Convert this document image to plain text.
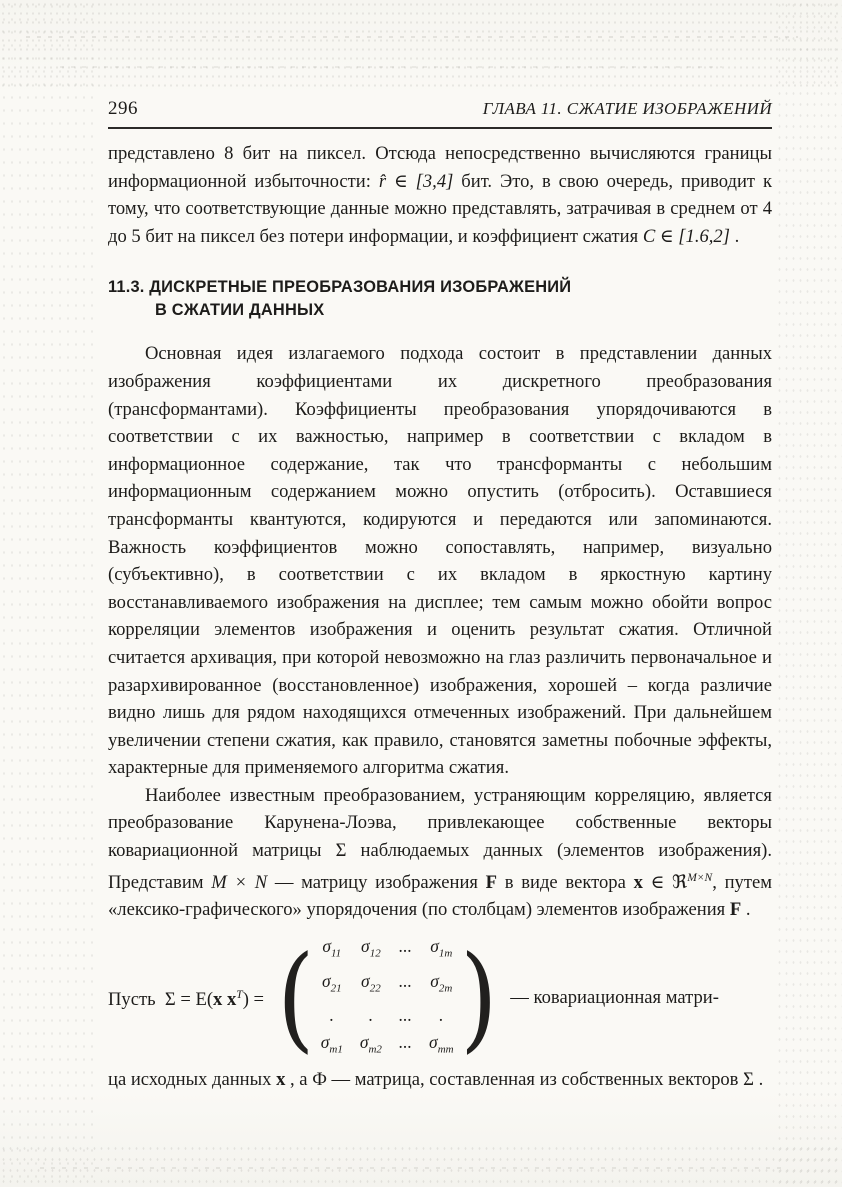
296	ГЛАВА 11. СЖАТИЕ ИЗОБРАЖЕНИЙ

представлено 8 бит на пиксел. Отсюда непосредственно вычисляются границы информационной избыточности: r̂ ∈ [3,4] бит. Это, в свою очередь, приводит к тому, что соответствующие данные можно представлять, затрачивая в среднем от 4 до 5 бит на пиксел без потери информации, и коэффициент сжатия C ∈ [1.6,2] .

11.3. ДИСКРЕТНЫЕ ПРЕОБРАЗОВАНИЯ ИЗОБРАЖЕНИЙ
В СЖАТИИ ДАННЫХ

Основная идея излагаемого подхода состоит в представлении данных изображения коэффициентами их дискретного преобразования (трансформантами). Коэффициенты преобразования упорядочиваются в соответствии с их важностью, например в соответствии с вкладом в информационное содержание, так что трансформанты с небольшим информационным содержанием можно опустить (отбросить). Оставшиеся трансформанты квантуются, кодируются и передаются или запоминаются. Важность коэффициентов можно сопоставлять, например, визуально (субъективно), в соответствии с их вкладом в яркостную картину восстанавливаемого изображения на дисплее; тем самым можно обойти вопрос корреляции элементов изображения и оценить результат сжатия. Отличной считается архивация, при которой невозможно на глаз различить первоначальное и разархивированное (восстановленное) изображения, хорошей – когда различие видно лишь для рядом находящихся отмеченных изображений. При дальнейшем увеличении степени сжатия, как правило, становятся заметны побочные эффекты, характерные для применяемого алгоритма сжатия.

Наиболее известным преобразованием, устраняющим корреляцию, является преобразование Карунена-Лоэва, привлекающее собственные векторы ковариационной матрицы Σ наблюдаемых данных (элементов изображения). Представим M × N — матрицу изображения F в виде вектора x ∈ ℜ$^{M\times N}$, путем «лексико-графического» упорядочения (по столбцам) элементов изображения F .

Пусть Σ = E(x $x^T$) = ( $\sigma_{11}$ $\sigma_{12}$ ... $\sigma_{1m}$
$\sigma_{21}$ $\sigma_{22}$ ... $\sigma_{2m}$
.	.	...	.
$\sigma_{m1}$ $\sigma_{m2}$ ... $\sigma_{mm}$ ) — ковариационная матри-

ца исходных данных x , а Ф — матрица, составленная из собственных векторов Σ .
